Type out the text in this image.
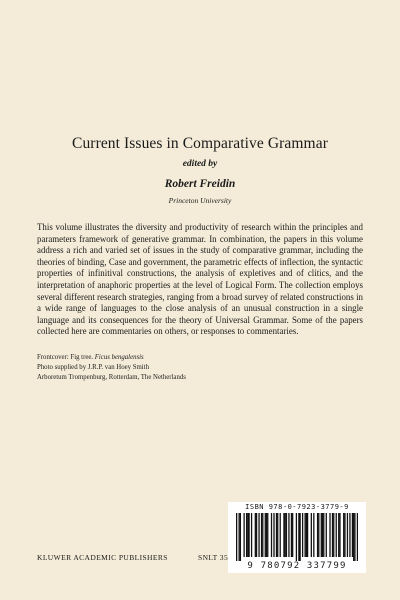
Current Issues in Comparative Grammar
edited by
Robert Freidin
Princeton University

This volume illustrates the diversity and productivity of research within the principles and parameters framework of generative grammar. In combination, the papers in this volume address a rich and varied set of issues in the study of comparative grammar, including the theories of binding, Case and government, the parametric effects of inflection, the syntactic properties of infinitival constructions, the analysis of expletives and of clitics, and the interpretation of anaphoric properties at the level of Logical Form. The collection employs several different research strategies, ranging from a broad survey of related constructions in a wide range of languages to the close analysis of an unusual construction in a single language and its consequences for the theory of Universal Grammar. Some of the papers collected here are commentaries on others, or responses to commentaries.

Frontcover: Fig tree. Ficus bengalensis
Photo supplied by J.R.P. van Hoey Smith
Arboretum Trompenburg, Rotterdam, The Netherlands
KLUWER ACADEMIC PUBLISHERS	SNLT 35
ISBN 978-0-7923-3779-9
9 780792 337799
